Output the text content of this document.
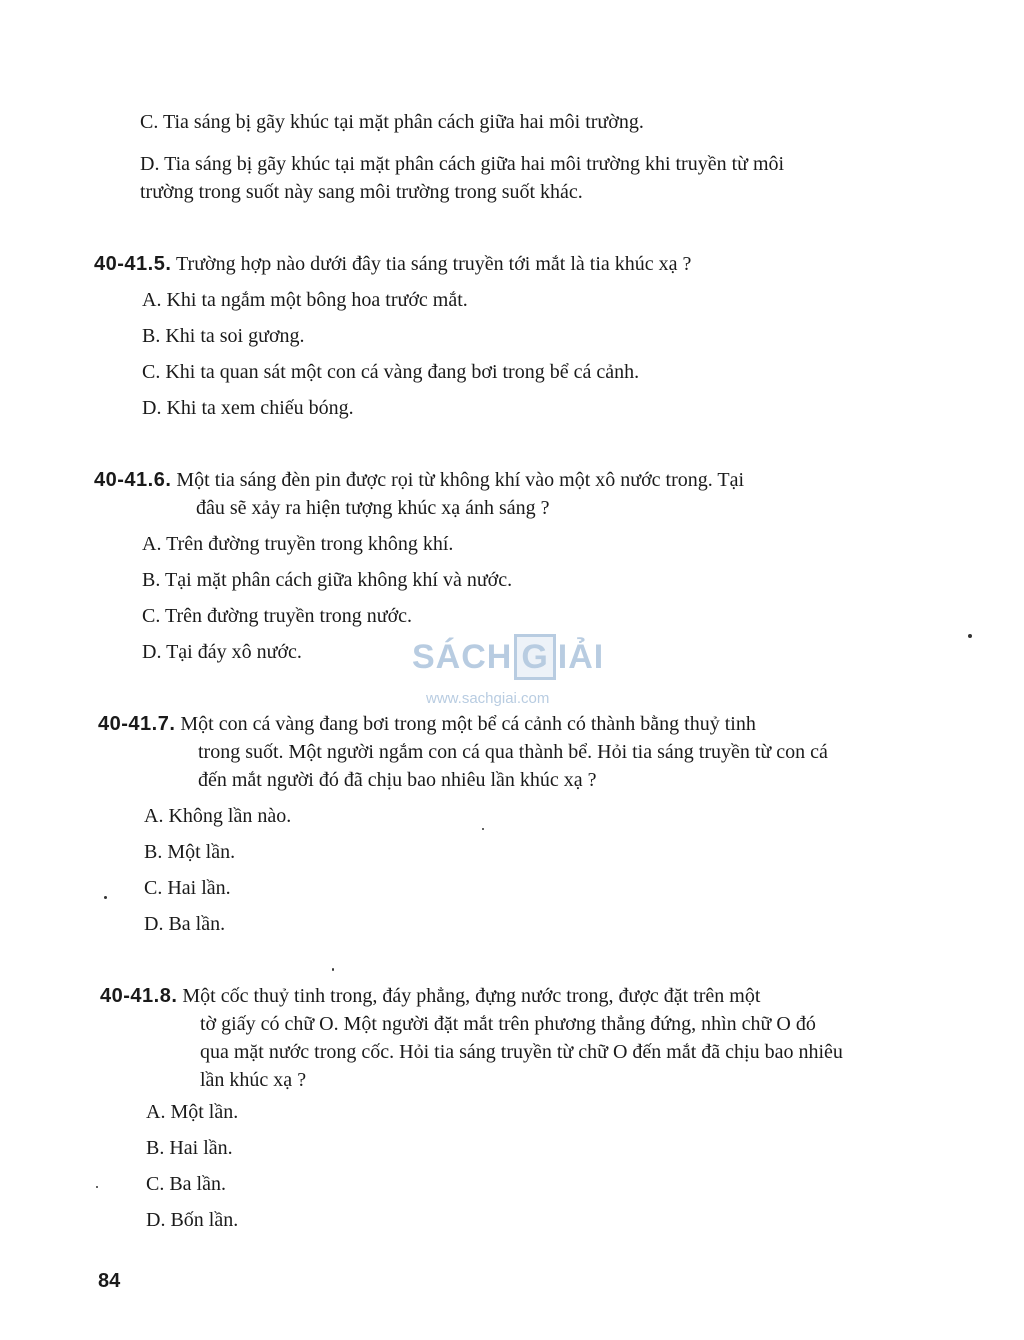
C. Tia sáng bị gãy khúc tại mặt phân cách giữa hai môi trường.
D. Tia sáng bị gãy khúc tại mặt phân cách giữa hai môi trường khi truyền từ môi
trường trong suốt này sang môi trường trong suốt khác.
40-41.5. Trường hợp nào dưới đây tia sáng truyền tới mắt là tia khúc xạ ?
A. Khi ta ngắm một bông hoa trước mắt.
B. Khi ta soi gương.
C. Khi ta quan sát một con cá vàng đang bơi trong bể cá cảnh.
D. Khi ta xem chiếu bóng.
40-41.6. Một tia sáng đèn pin được rọi từ không khí vào một xô nước trong. Tại
đâu sẽ xảy ra hiện tượng khúc xạ ánh sáng ?
A. Trên đường truyền trong không khí.
B. Tại mặt phân cách giữa không khí và nước.
C. Trên đường truyền trong nước.
D. Tại đáy xô nước.	SÁCH G IẢI
www.sachgiai.com
40-41.7. Một con cá vàng đang bơi trong một bể cá cảnh có thành bằng thuỷ tinh
trong suốt. Một người ngắm con cá qua thành bể. Hỏi tia sáng truyền từ con cá
đến mắt người đó đã chịu bao nhiêu lần khúc xạ ?
A. Không lần nào.
B. Một lần.
C. Hai lần.
D. Ba lần.
40-41.8. Một cốc thuỷ tinh trong, đáy phẳng, đựng nước trong, được đặt trên một
tờ giấy có chữ O. Một người đặt mắt trên phương thẳng đứng, nhìn chữ O đó
qua mặt nước trong cốc. Hỏi tia sáng truyền từ chữ O đến mắt đã chịu bao nhiêu
lần khúc xạ ?
A. Một lần.
B. Hai lần.
C. Ba lần.
D. Bốn lần.
84
